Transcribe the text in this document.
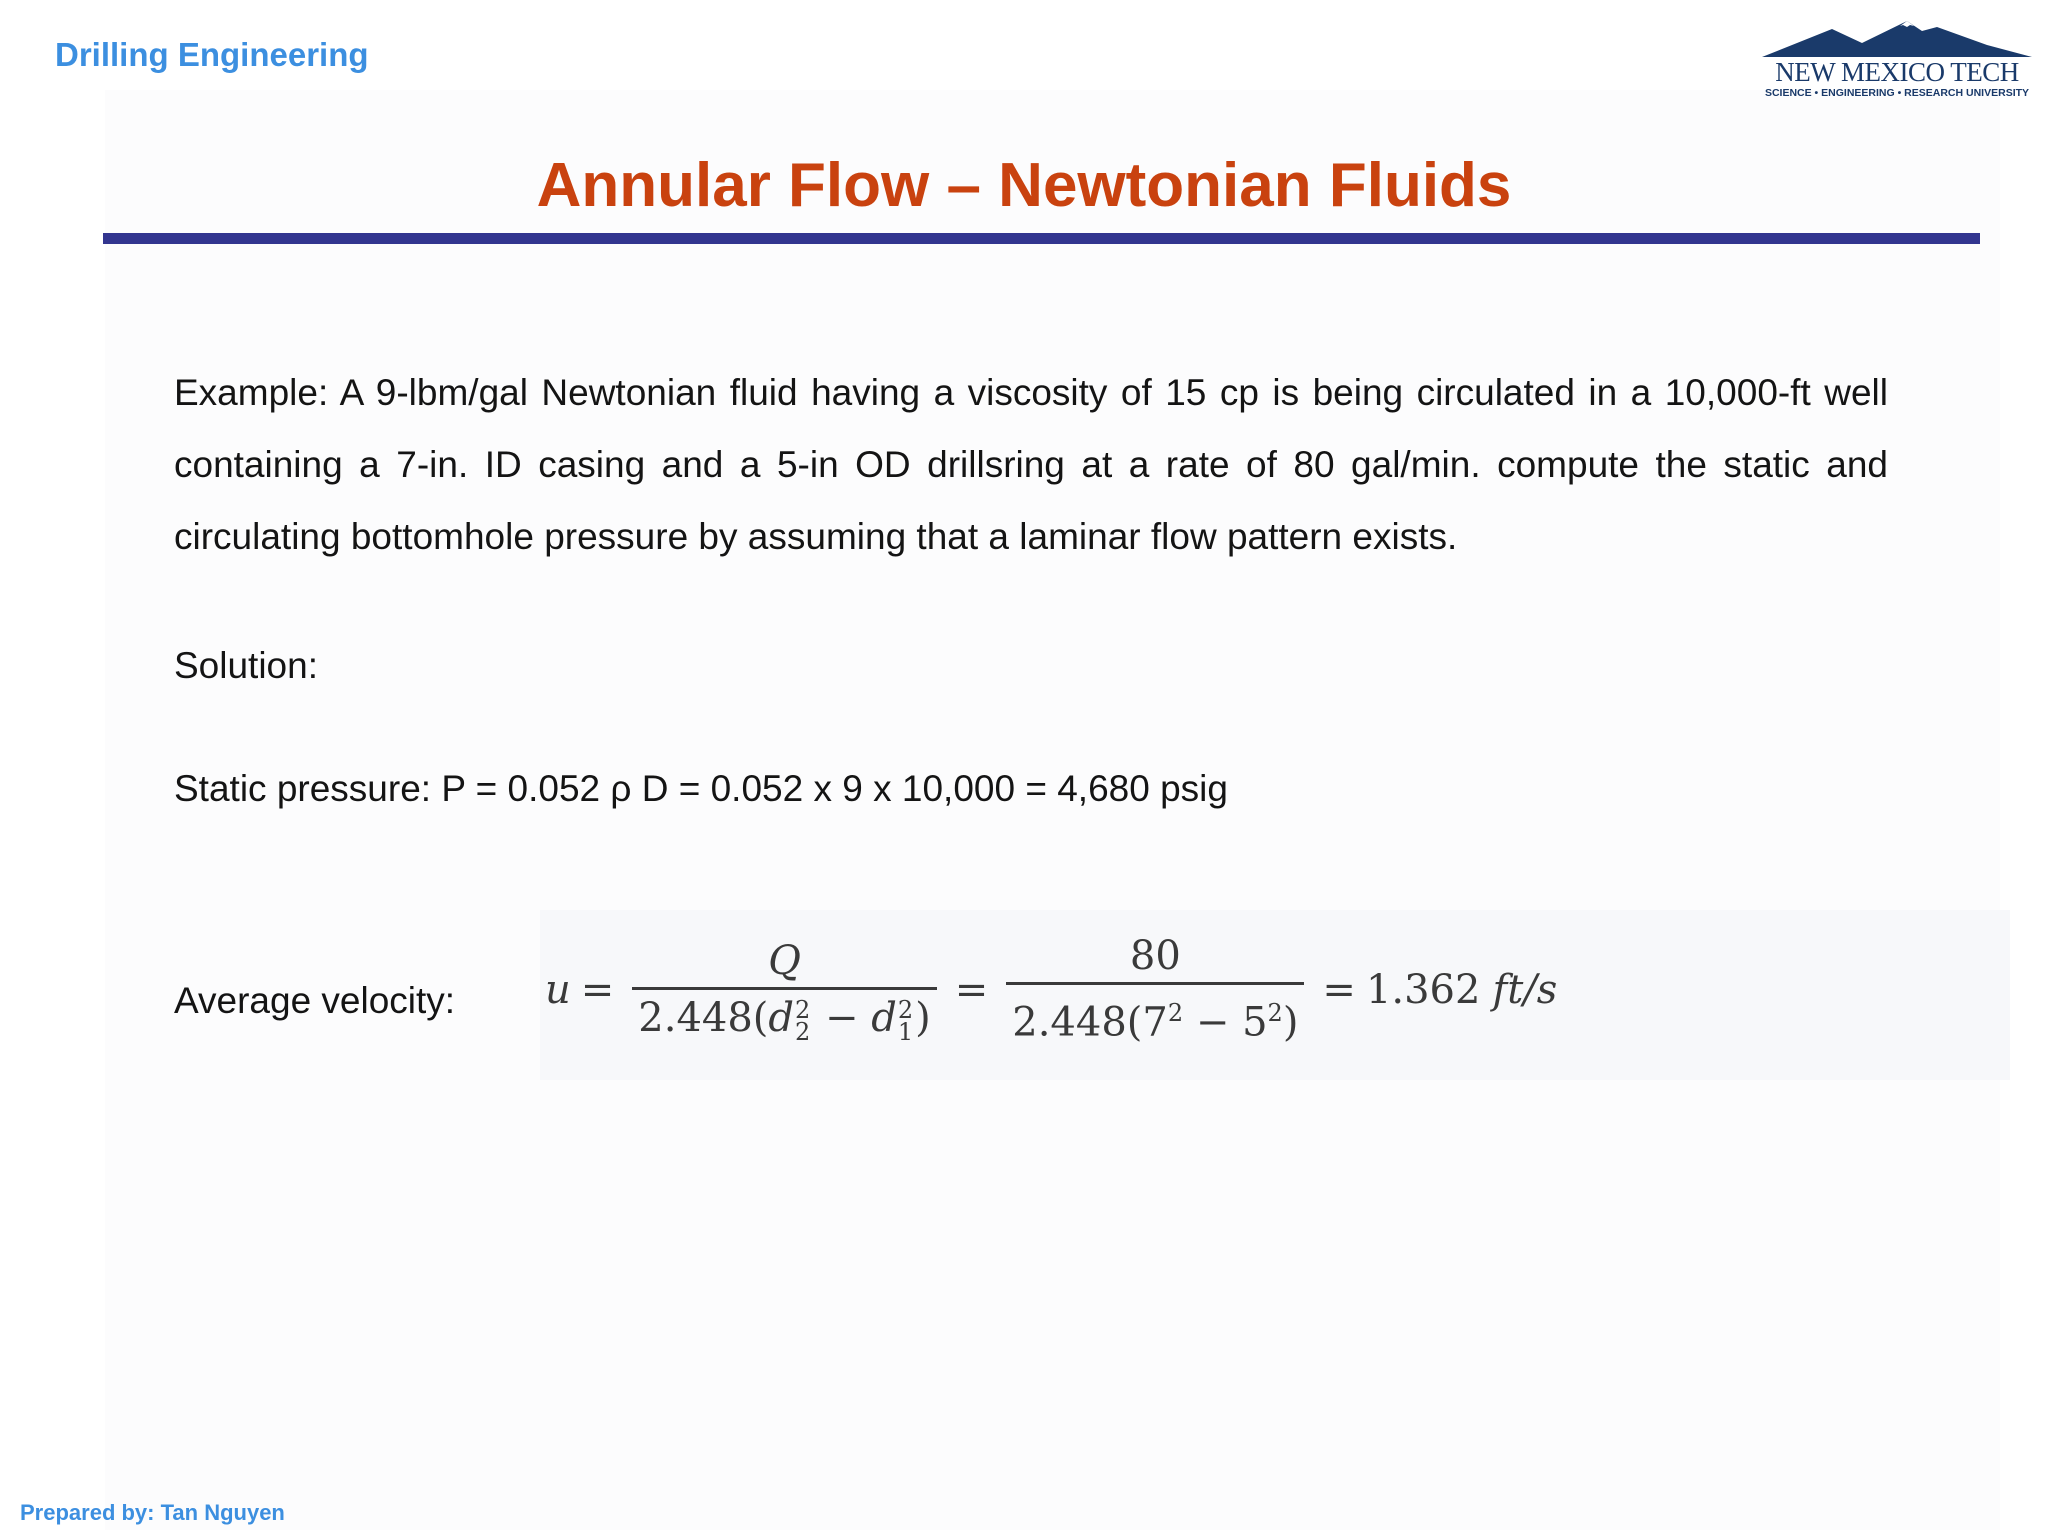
Drilling Engineering	NEW MEXICO TECH
SCIENCE • ENGINEERING • RESEARCH UNIVERSITY
Annular Flow – Newtonian Fluids
Example: A 9-lbm/gal Newtonian fluid having a viscosity of 15 cp is being circulated in a 10,000-ft well containing a 7-in. ID casing and a 5-in OD drillsring at a rate of 80 gal/min. compute the static and circulating bottomhole pressure by assuming that a laminar flow pattern exists.
Solution:
Static pressure: P = 0.052 ρ D = 0.052 x 9 x 10,000 = 4,680 psig
Average velocity: u = Q
2.448(d 2
2 − d 2
1 ) = $\frac{80}{2.448(7^2 - 5^2)} = 1.362$ ft/s
Prepared by: Tan Nguyen
